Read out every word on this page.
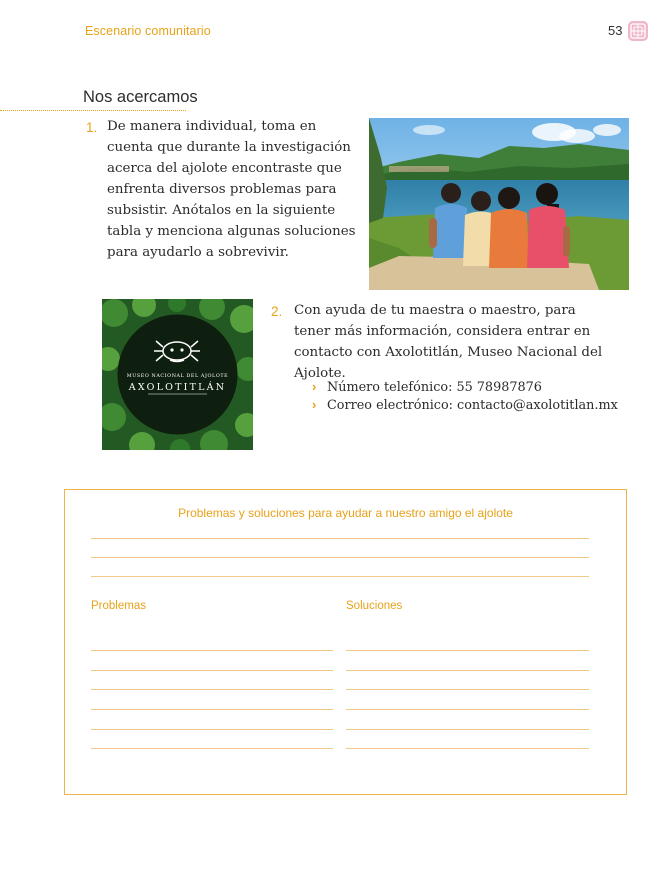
Escenario comunitario	53
Nos acercamos
1. De manera individual, toma en
cuenta que durante la investigación
acerca del ajolote encontraste que
enfrenta diversos problemas para
subsistir. Anótalos en la siguiente
tabla y menciona algunas soluciones
para ayudarlo a sobrevivir.
MUSEO NACIONAL DEL AJOLOTE
AXOLOTITLÁN
2. Con ayuda de tu maestra o maestro, para
tener más información, considera entrar en
contacto con Axolotitlán, Museo Nacional del
Ajolote.
› Número telefónico: 55 78987876
› Correo electrónico: contacto@axolotitlan.mx
Problemas y soluciones para ayudar a nuestro amigo el ajolote
Problemas	Soluciones
